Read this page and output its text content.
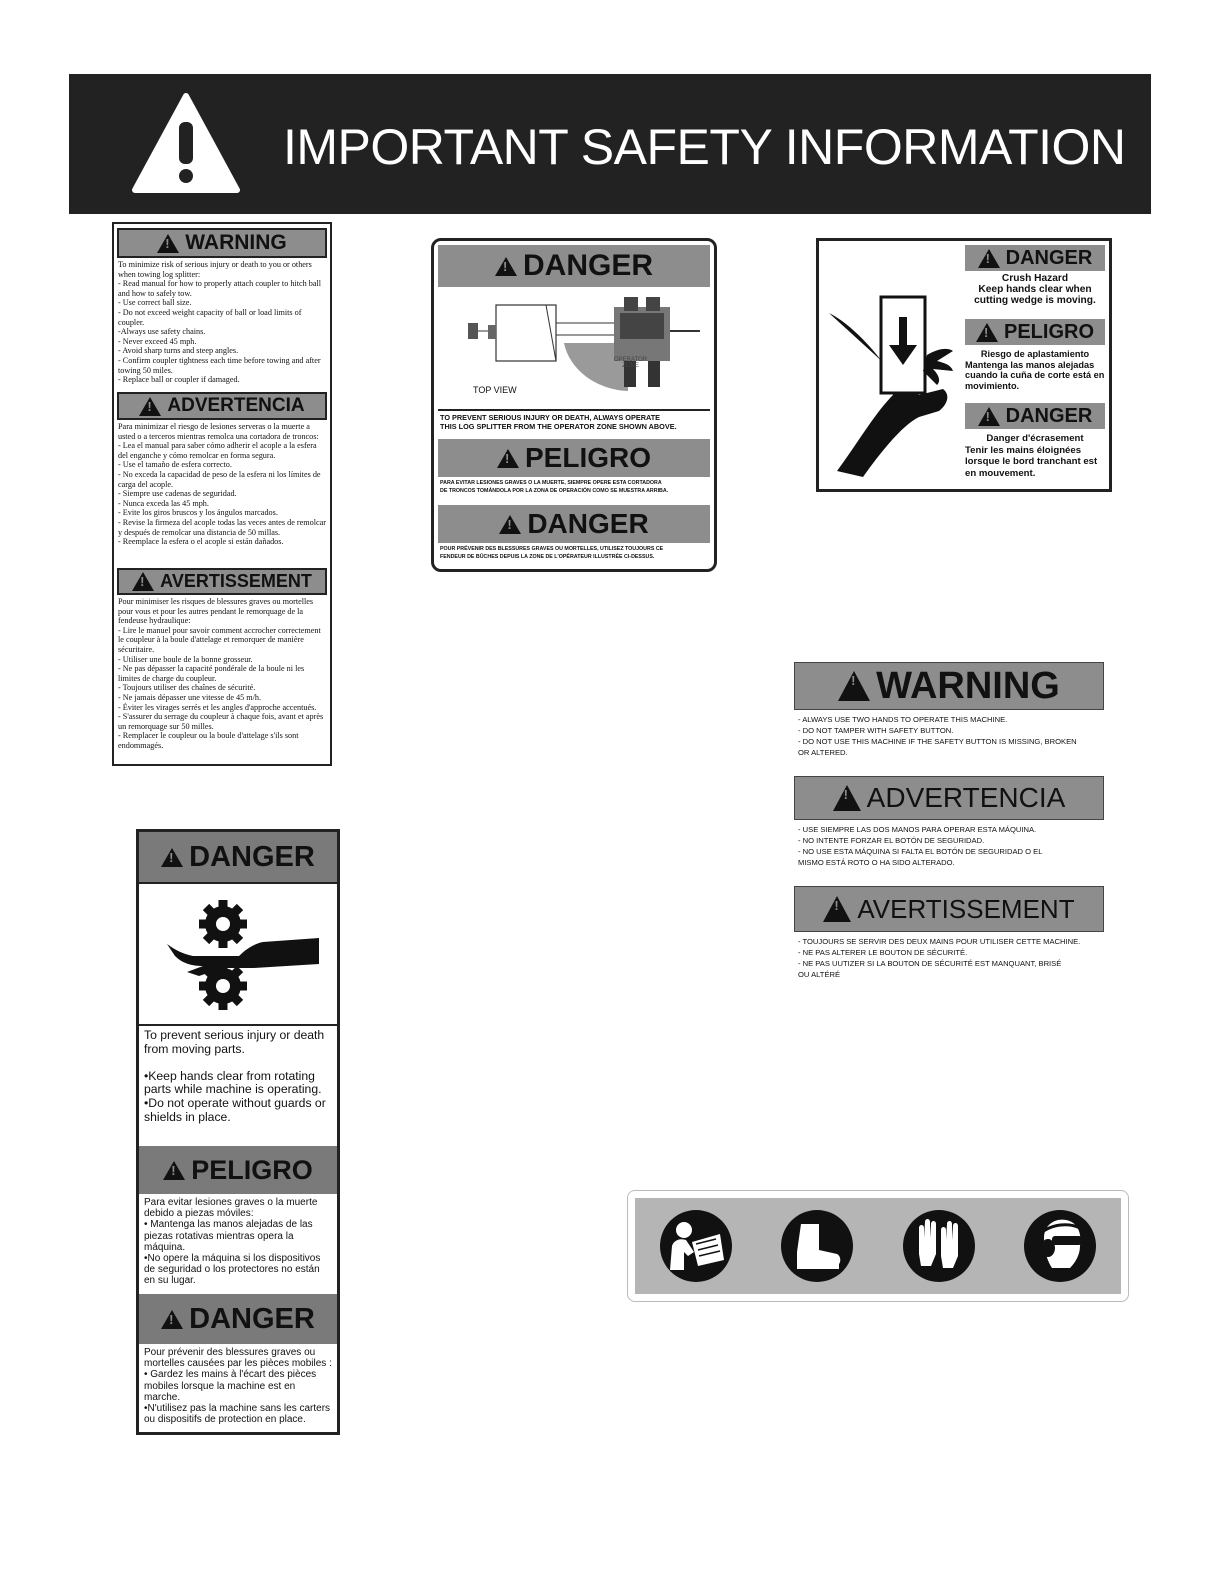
IMPORTANT SAFETY INFORMATION
!
WARNING
To minimize risk of serious injury or death to you or others when towing log splitter:
- Read manual for how to properly attach coupler to hitch ball and how to safely tow.
- Use correct ball size.
- Do not exceed weight capacity of ball or load limits of coupler.
-Always use safety chains.
- Never exceed 45 mph.
- Avoid sharp turns and steep angles.
- Confirm coupler tightness each time before towing and after towing 50 miles.
- Replace ball or coupler if damaged.
!
ADVERTENCIA
Para minimizar el riesgo de lesiones serveras o la muerte a usted o a terceros mientras remolca una cortadora de troncos:
- Lea el manual para saber cómo adherir el acople a la esfera del enganche y cómo remolcar en forma segura.
- Use el tamaño de esfera correcto.
- No exceda la capacidad de peso de la esfera ni los límites de carga del acople.
- Siempre use cadenas de seguridad.
- Nunca exceda las 45 mph.
- Evite los giros bruscos y los ángulos marcados.
- Revise la firmeza del acople todas las veces antes de remolcar y después de remolcar una distancia de 50 millas.
- Reemplace la esfera o el acople si están dañados.
!
AVERTISSEMENT
Pour minimiser les risques de blessures graves ou mortelles pour vous et pour les autres pendant le remorquage de la fendeuse hydraulique:
- Lire le manuel pour savoir comment accrocher correctement le coupleur à la boule d'attelage et remorquer de manière sécuritaire.
- Utiliser une boule de la bonne grosseur.
- Ne pas dépasser la capacité pondérale de la boule ni les limites de charge du coupleur.
- Toujours utiliser des chaînes de sécurité.
- Ne jamais dépasser une vitesse de 45 m/h.
- Éviter les virages serrés et les angles d'approche accentués.
- S'assurer du serrage du coupleur à chaque fois, avant et après un remorquage sur 50 milles.
- Remplacer le coupleur ou la boule d'attelage s'ils sont endommagés.
!
DANGER
OPERATOR
ZONE
TOP VIEW
TO PREVENT SERIOUS INJURY OR DEATH, ALWAYS OPERATE
THIS LOG SPLITTER FROM THE OPERATOR ZONE SHOWN ABOVE.
!
PELIGRO
PARA EVITAR LESIONES GRAVES O LA MUERTE, SIEMPRE OPERE ESTA CORTADORA
DE TRONCOS TOMÁNDOLA POR LA ZONA DE OPERACIÓN COMO SE MUESTRA ARRIBA.
!
DANGER
POUR PRÉVENIR DES BLESSURES GRAVES OU MORTELLES, UTILISEZ TOUJOURS CE
FENDEUR DE BÛCHES DEPUIS LA ZONE DE L'OPÉRATEUR ILLUSTRÉE CI-DESSUS.
!
DANGER
Crush Hazard
Keep hands clear when cutting wedge is moving.
!
PELIGRO
Riesgo de aplastamiento
Mantenga las manos alejadas cuando la cuña de corte está en movimiento.
!
DANGER
Danger d'écrasement
Tenir les mains éloignées lorsque le bord tranchant est en mouvement.
!
WARNING
- ALWAYS USE TWO HANDS TO OPERATE THIS MACHINE.
- DO NOT TAMPER WITH SAFETY BUTTON.
- DO NOT USE THIS MACHINE IF THE SAFETY BUTTON IS MISSING, BROKEN
OR ALTERED.
!
ADVERTENCIA
- USE SIEMPRE LAS DOS MANOS PARA OPERAR ESTA MÁQUINA.
- NO INTENTE FORZAR EL BOTÓN DE SEGURIDAD.
- NO USE ESTA MÁQUINA SI FALTA EL BOTÓN DE SEGURIDAD O EL
MISMO ESTÁ ROTO O HA SIDO ALTERADO.
!
AVERTISSEMENT
- TOUJOURS SE SERVIR DES DEUX MAINS POUR UTILISER CETTE MACHINE.
- NE PAS ALTERER LE BOUTON DE SÉCURITÉ.
- NE PAS UUTIZER SI LA BOUTON DE SÉCURITÉ EST MANQUANT, BRISÉ
OU ALTÉRÉ
!
DANGER
To prevent serious injury or death from moving parts.

•Keep hands clear from rotating parts while machine is operating.
•Do not operate without guards or shields in place.
!
PELIGRO
Para evitar lesiones graves o la muerte debido a piezas móviles:
• Mantenga las manos alejadas de las piezas rotativas mientras opera la máquina.
•No opere la máquina si los dispositivos de seguridad o los protectores no están en su lugar.
!
DANGER
Pour prévenir des blessures graves ou mortelles causées par les pièces mobiles :
• Gardez les mains à l'écart des pièces mobiles lorsque la machine est en marche.
•N'utilisez pas la machine sans les carters ou dispositifs de protection en place.
